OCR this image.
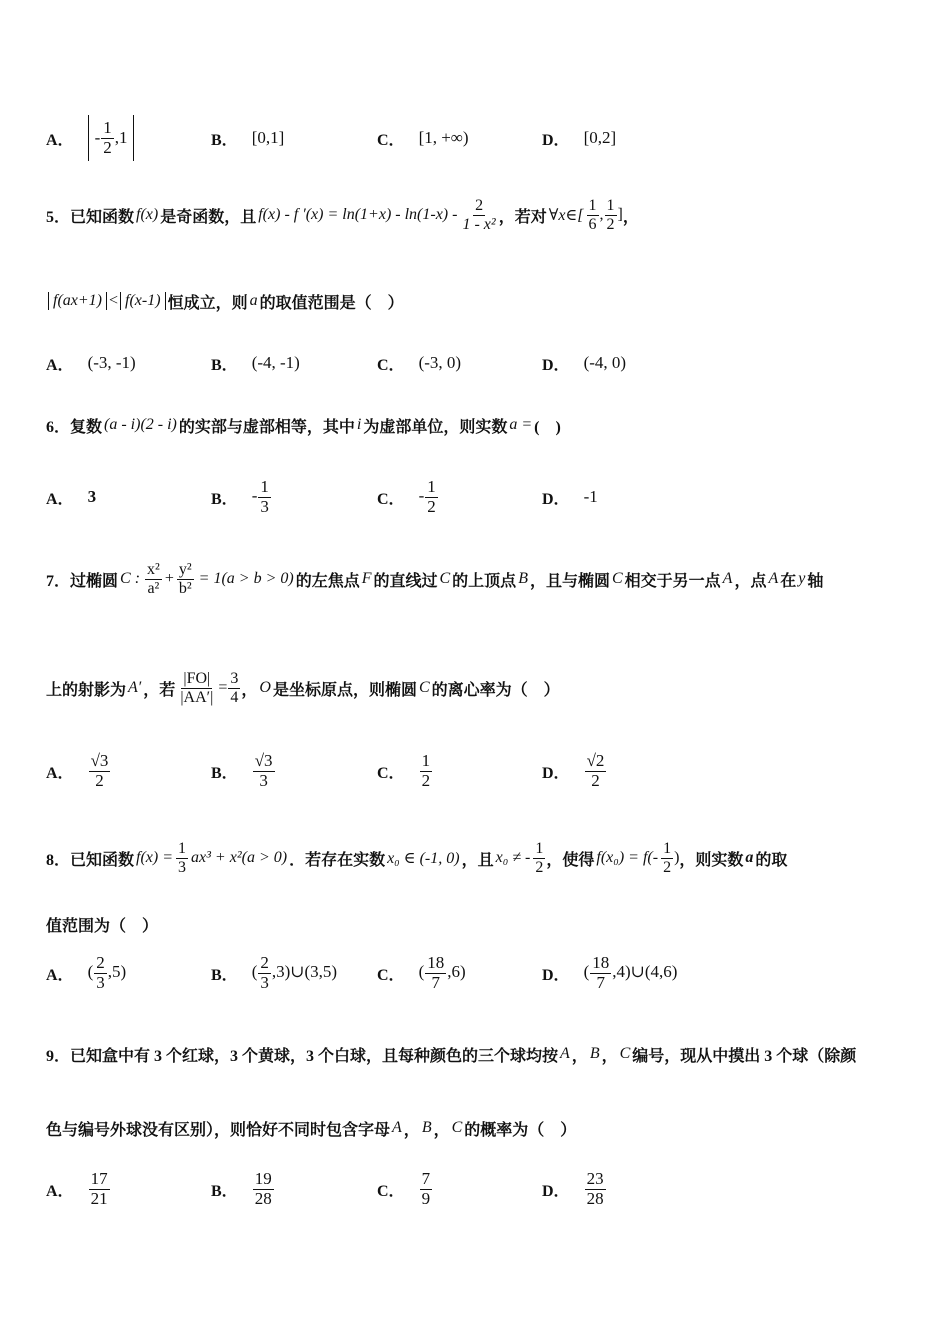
A．	- $\frac{1}{2} ,1$	B． [0,1]	C． [1, +∞)	D． [0,2]
5．已知函数 f(x) 是奇函数，且 f(x) - f $'(x) = \ln(1+x) - \ln(1-x) - \frac{2}{\text{1 - x²}}$ ，若对 ∀x∈[ $\frac{1}{6}$ , $\frac{1}{2}$ ] ，
f(ax+1) < f(x-1) 恒成立，则 a 的取值范围是（　）
A． (-3, -1)	B． (-4, -1)	C． (-3, 0)	D． (-4, 0)
6．复数 (a - i)(2 - i) 的实部与虚部相等，其中 i 为虚部单位，则实数 a = (　)
A． 3	B． - $\frac{1}{3}$	C． - $\frac{1}{2}$	D． -1
7．过椭圆 C : $\frac{\text{x²}}{\text{a²}} + \frac{\text{y²}}{\text{b²}} = 1(a > b > 0)$ 的左焦点 F 的直线过 C 的上顶点 B ，且与椭圆 C 相交于另一点 A ，点 A 在 y 轴
上的射影为 A′ ，若 $\frac{|FO|}{|AA'|} = \frac{3}{4}$ ， O 是坐标原点，则椭圆 C 的离心率为（　）
A． $\frac{√3}{2}$	B． $\frac{√3}{3}$	C． $\frac{1}{2}$	D． $\frac{√2}{2}$
8．已知函数 $f(x) = \frac{1}{3} ax^3 + x^2(a > 0)$ ．若存在实数 x₀ ∈ (-1, 0) ，且 x₀ ≠ - $\frac{1}{2}$ ，使得 $f(x_0) = f(- \frac{1}{2}$ ) ，则实数 a 的取
值范围为（　）
A． ( $\frac{2}{3} ,5$)	B． ( $\frac{2}{3}$ ,3)∪(3,5) C． ( $\frac{18}{7} ,6$)	D． ( $\frac{18}{7}$ ,4)∪(4,6)
9．已知盒中有 3 个红球，3 个黄球，3 个白球，且每种颜色的三个球均按 A ， B ， C 编号，现从中摸出 3 个球（除颜
色与编号外球没有区别），则恰好不同时包含字母 A ， B ， C 的概率为（　）
A． $\frac{17}{21}$	B． $\frac{19}{28}$	C． $\frac{7}{9}$	D． $\frac{23}{28}$
